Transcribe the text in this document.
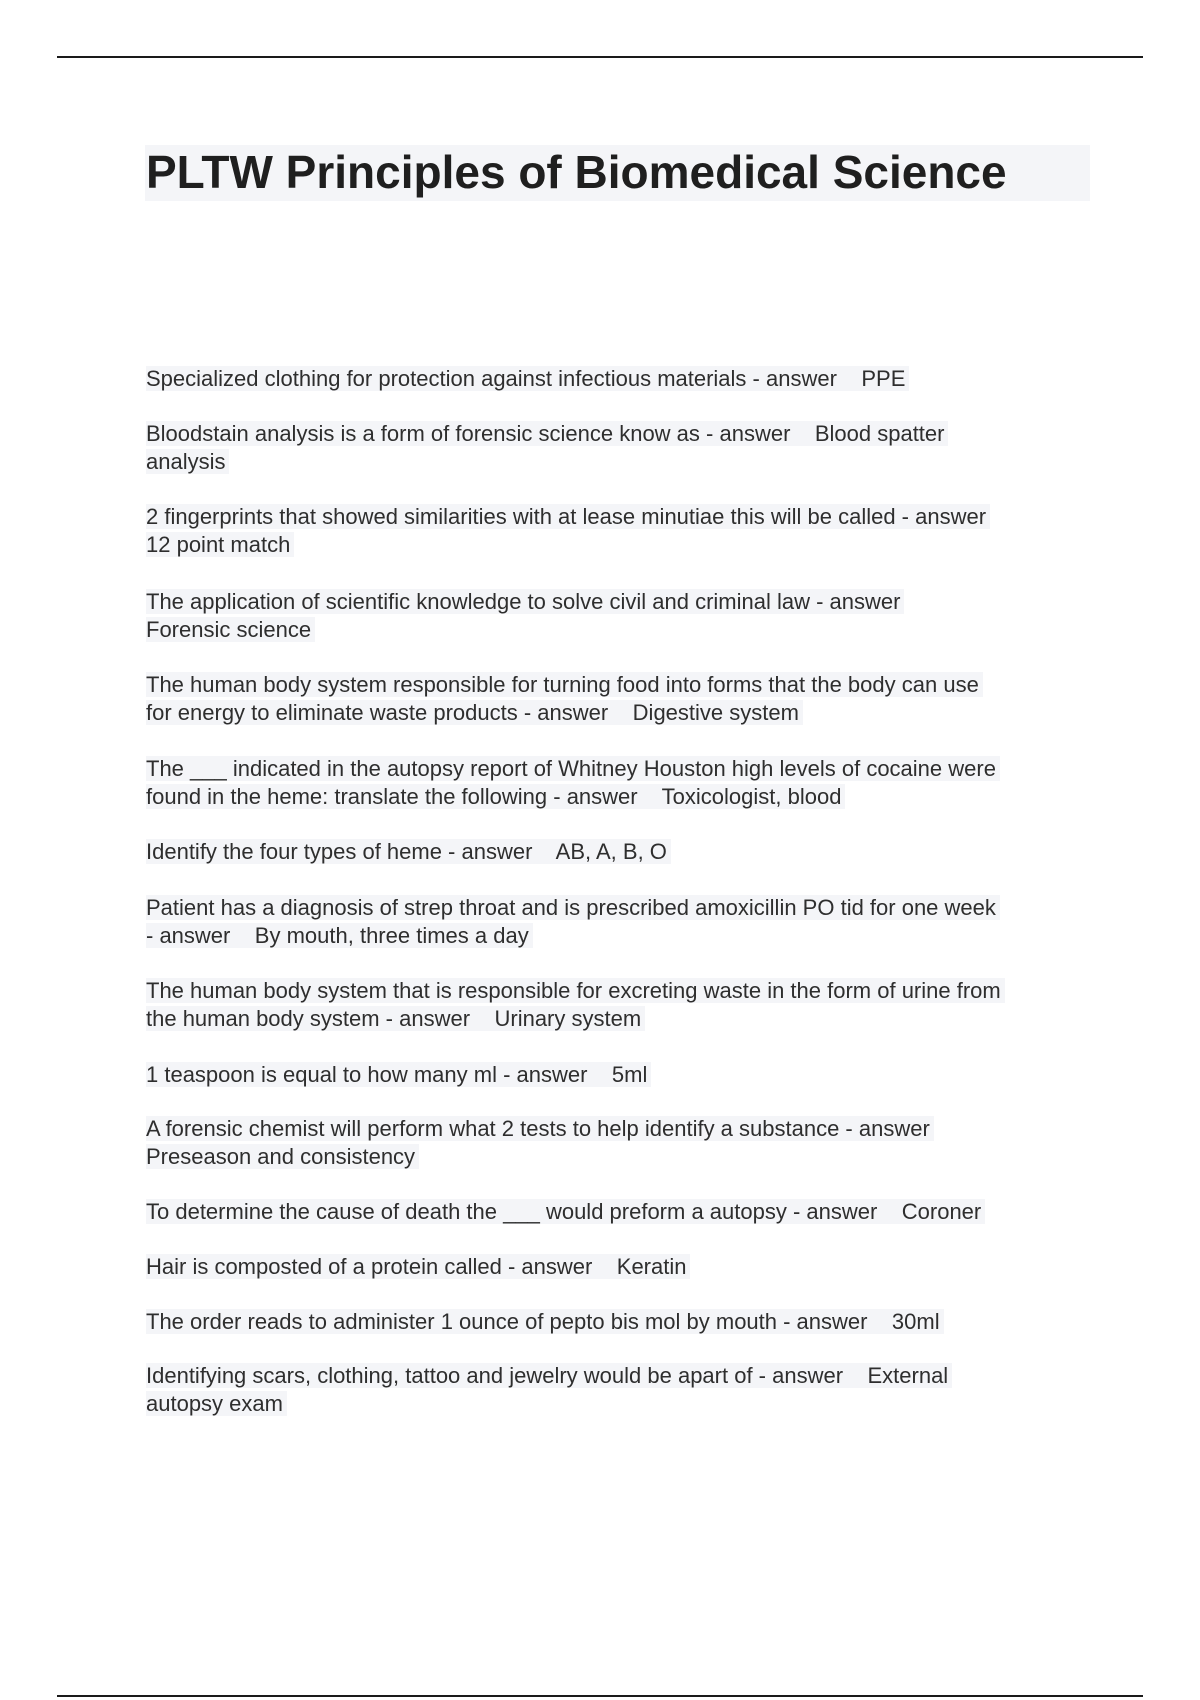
PLTW Principles of Biomedical Science
Specialized clothing for protection against infectious materials - answer    PPE
Bloodstain analysis is a form of forensic science know as - answer    Blood spatter
analysis
2 fingerprints that showed similarities with at lease minutiae this will be called - answer
12 point match
The application of scientific knowledge to solve civil and criminal law - answer
Forensic science
The human body system responsible for turning food into forms that the body can use
for energy to eliminate waste products - answer    Digestive system
The ___ indicated in the autopsy report of Whitney Houston high levels of cocaine were
found in the heme: translate the following - answer    Toxicologist, blood
Identify the four types of heme - answer    AB, A, B, O
Patient has a diagnosis of strep throat and is prescribed amoxicillin PO tid for one week
- answer    By mouth, three times a day
The human body system that is responsible for excreting waste in the form of urine from
the human body system - answer    Urinary system
1 teaspoon is equal to how many ml - answer    5ml
A forensic chemist will perform what 2 tests to help identify a substance - answer
Preseason and consistency
To determine the cause of death the ___ would preform a autopsy - answer    Coroner
Hair is composted of a protein called - answer    Keratin
The order reads to administer 1 ounce of pepto bis mol by mouth - answer    30ml
Identifying scars, clothing, tattoo and jewelry would be apart of - answer    External
autopsy exam
